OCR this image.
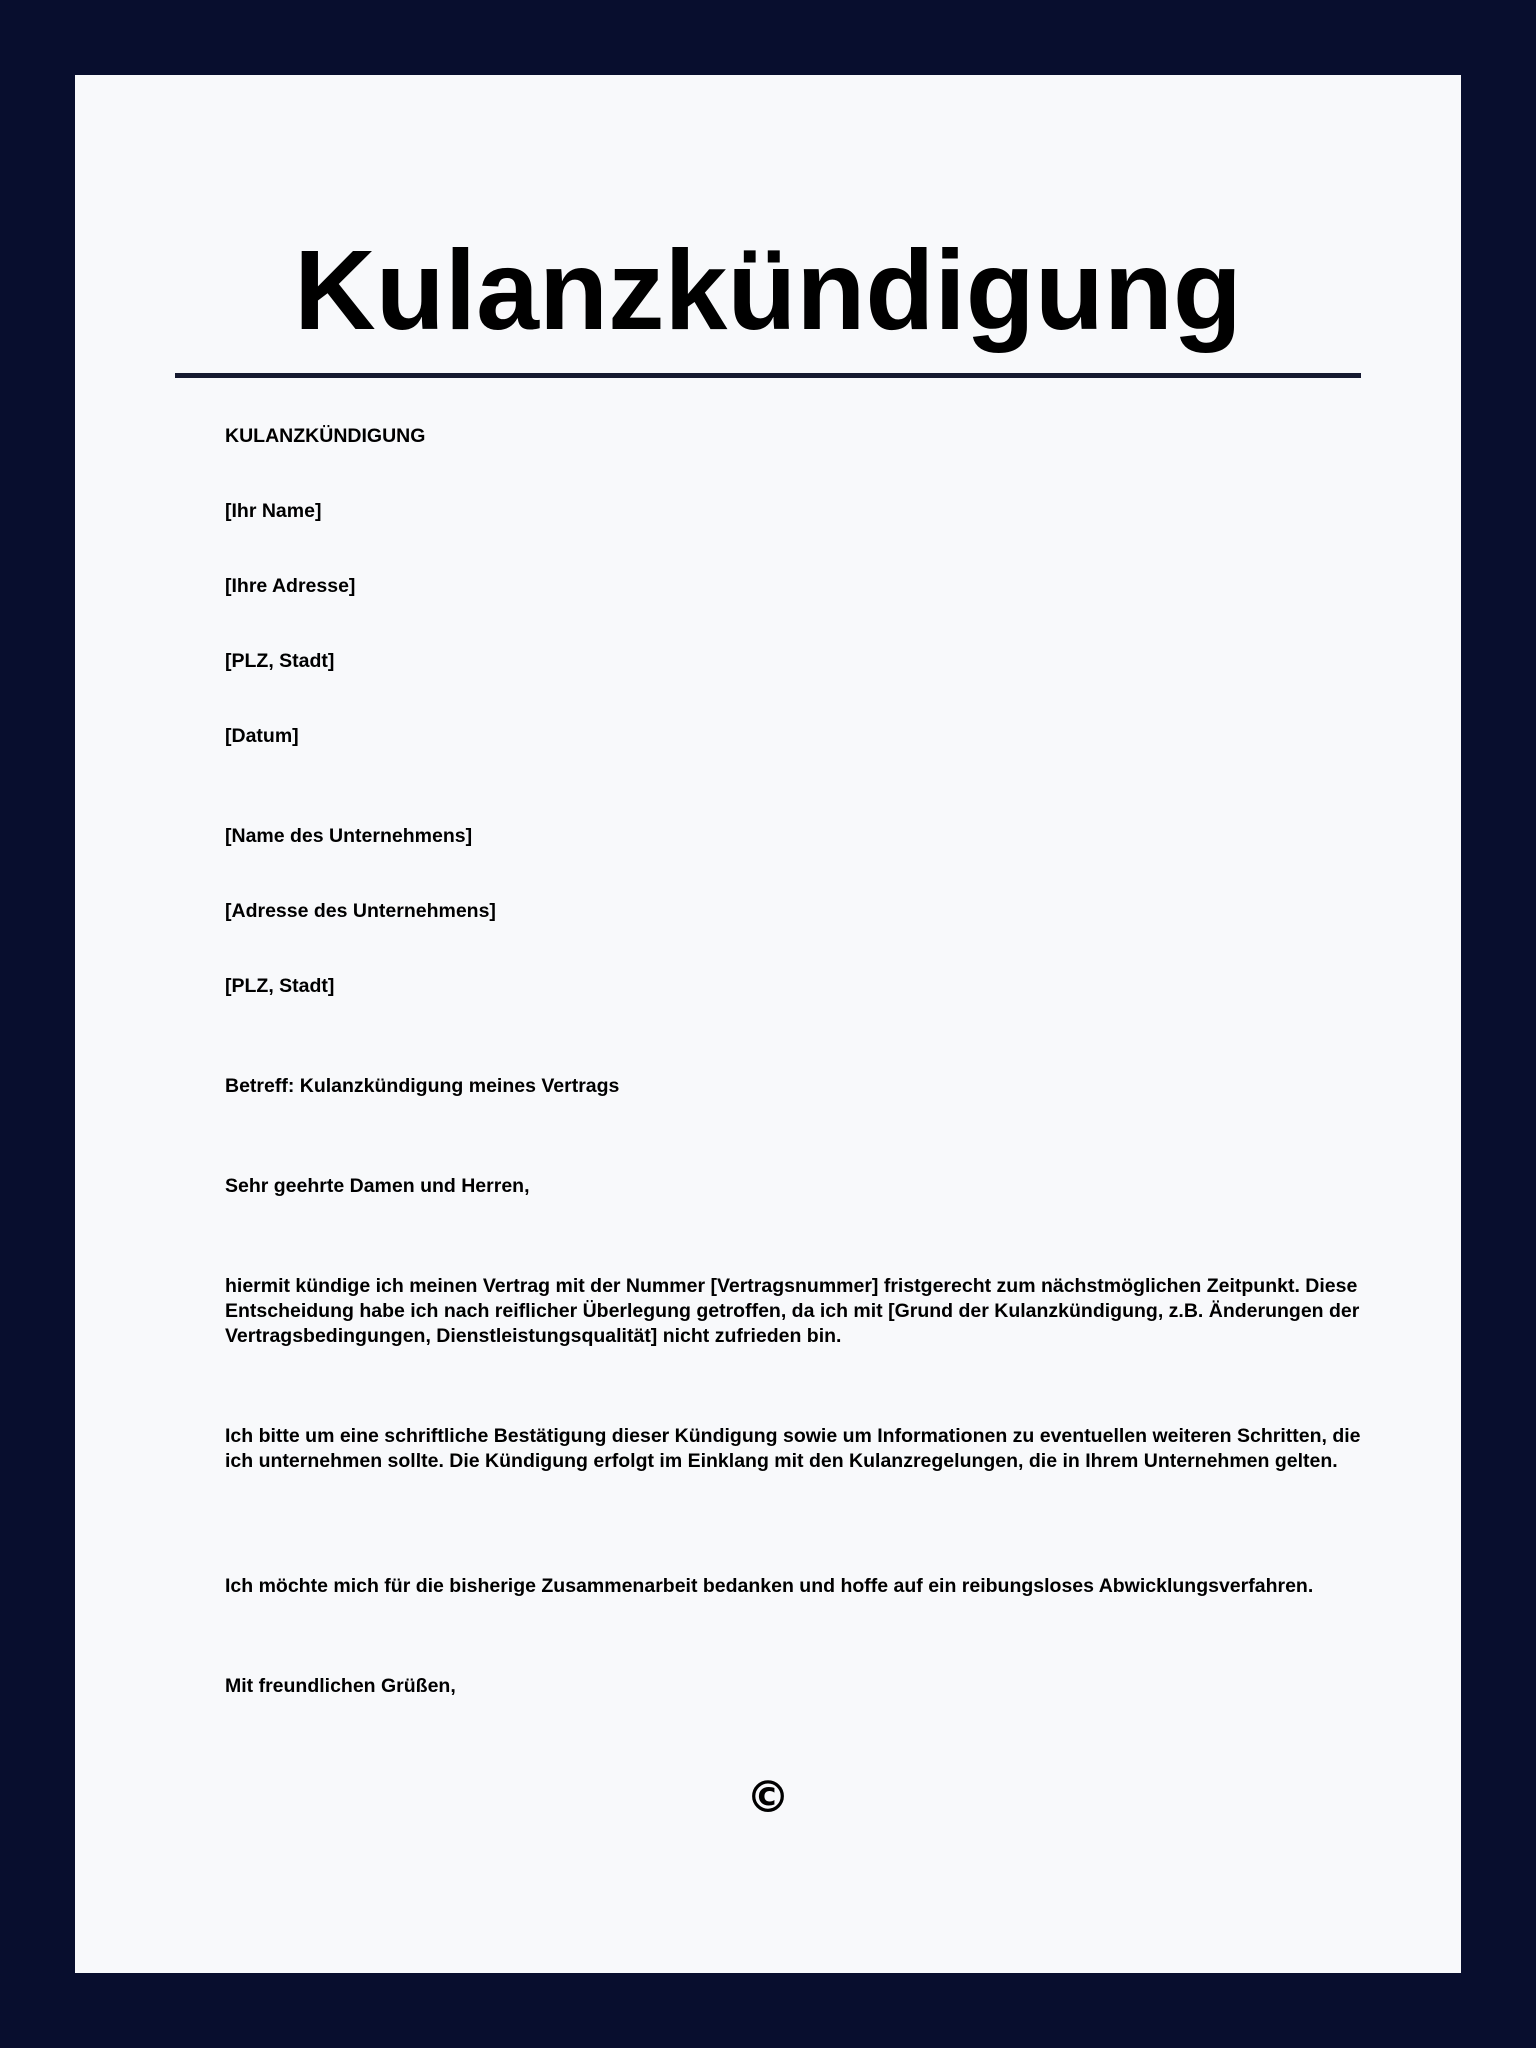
Kulanzkündigung

KULANZKÜNDIGUNG

[Ihr Name]

[Ihre Adresse]

[PLZ, Stadt]

[Datum]

[Name des Unternehmens]

[Adresse des Unternehmens]

[PLZ, Stadt]

Betreff: Kulanzkündigung meines Vertrags

Sehr geehrte Damen und Herren,

hiermit kündige ich meinen Vertrag mit der Nummer [Vertragsnummer] fristgerecht zum nächstmöglichen Zeitpunkt. Diese Entscheidung habe ich nach reiflicher Überlegung getroffen, da ich mit [Grund der Kulanzkündigung, z.B. Änderungen der Vertragsbedingungen, Dienstleistungsqualität] nicht zufrieden bin.

Ich bitte um eine schriftliche Bestätigung dieser Kündigung sowie um Informationen zu eventuellen weiteren Schritten, die ich unternehmen sollte. Die Kündigung erfolgt im Einklang mit den Kulanzregelungen, die in Ihrem Unternehmen gelten.

Ich möchte mich für die bisherige Zusammenarbeit bedanken und hoffe auf ein reibungsloses Abwicklungsverfahren.

Mit freundlichen Grüßen,

©
